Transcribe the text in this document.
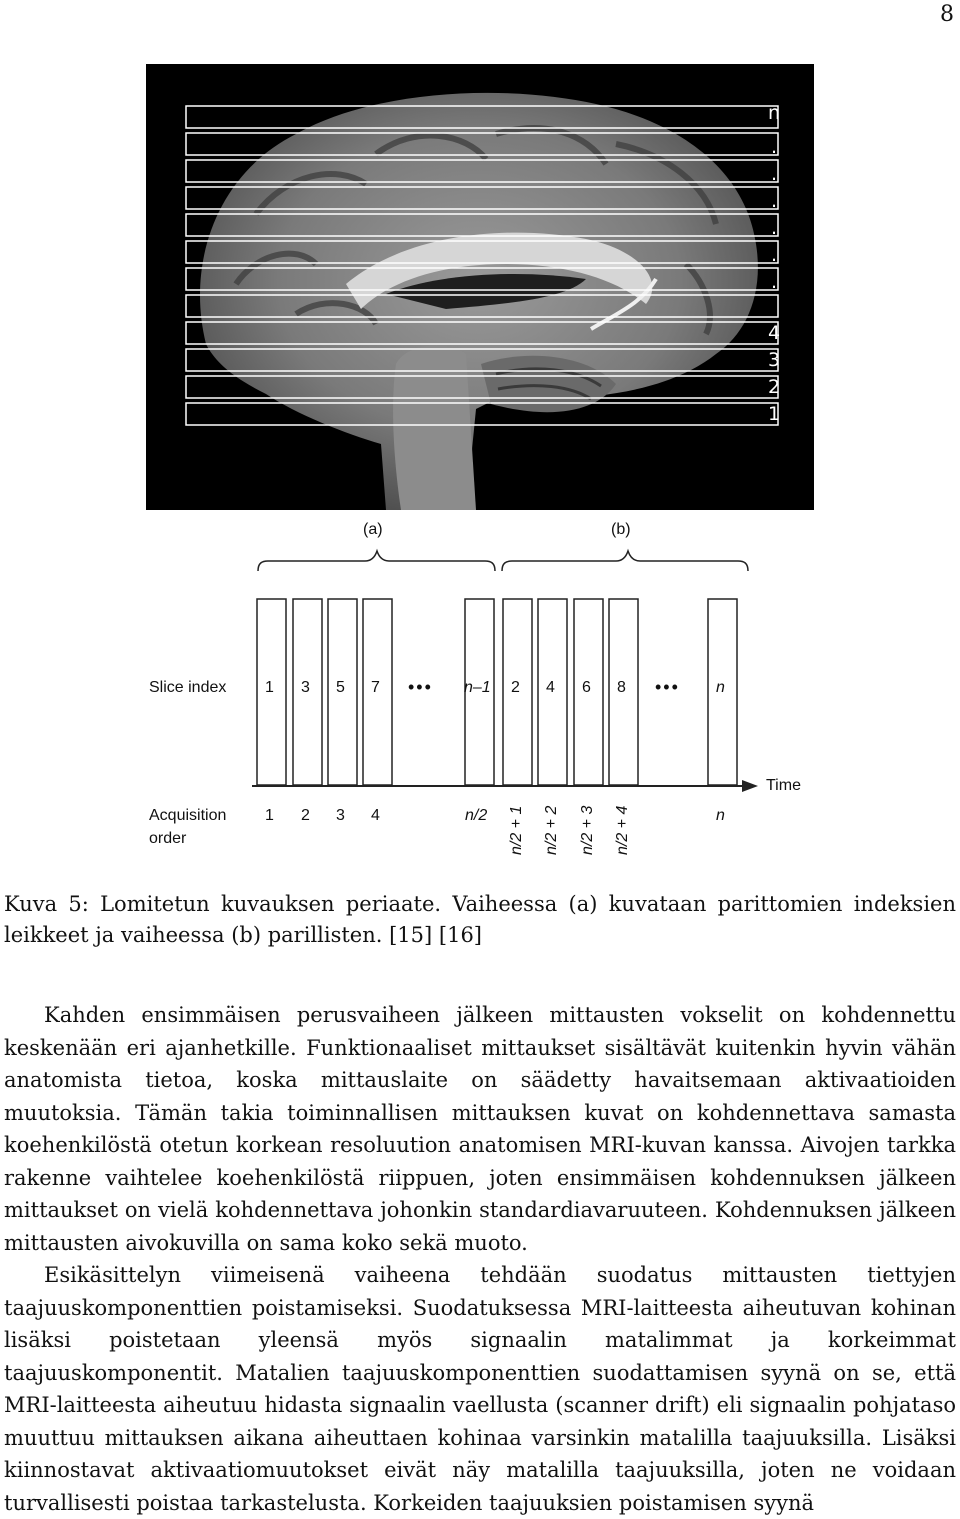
8
n
.
.
.
.
.
.
4
3
2
1
(a)	(b)
Slice index 1 3 5 7 ••• n–1 2 4 6 8 ••• n
Time
Acquisition
order
1 2 3 4	n/2 n/2 + 1 n/2 + 2 n/2 + 3 n/2 + 4	n
Kuva 5: Lomitetun kuvauksen periaate. Vaiheessa (a) kuvataan parittomien indeksien leikkeet ja vaiheessa (b) parillisten. [15] [16]

Kahden ensimmäisen perusvaiheen jälkeen mittausten vokselit on kohdennettu keskenään eri ajanhetkille. Funktionaaliset mittaukset sisältävät kuitenkin hyvin vähän anatomista tietoa, koska mittauslaite on säädetty havaitsemaan aktivaatioiden muutoksia. Tämän takia toiminnallisen mittauksen kuvat on kohdennettava samasta koehenkilöstä otetun korkean resoluution anatomisen MRI-kuvan kanssa. Aivojen tarkka rakenne vaihtelee koehenkilöstä riippuen, joten ensimmäisen kohdennuksen jälkeen mittaukset on vielä kohdennettava johonkin standardiavaruuteen. Kohdennuksen jälkeen mittausten aivokuvilla on sama koko sekä muoto.

Esikäsittelyn viimeisenä vaiheena tehdään suodatus mittausten tiettyjen taajuuskomponenttien poistamiseksi. Suodatuksessa MRI-laitteesta aiheutuvan kohinan lisäksi poistetaan yleensä myös signaalin matalimmat ja korkeimmat taajuuskomponentit. Matalien taajuuskomponenttien suodattamisen syynä on se, että MRI-laitteesta aiheutuu hidasta signaalin vaellusta (scanner drift) eli signaalin pohjataso muuttuu mittauksen aikana aiheuttaen kohinaa varsinkin matalilla taajuuksilla. Lisäksi kiinnostavat aktivaatiomuutokset eivät näy matalilla taajuuksilla, joten ne voidaan turvallisesti poistaa tarkastelusta. Korkeiden taajuuksien poistamisen syynä
